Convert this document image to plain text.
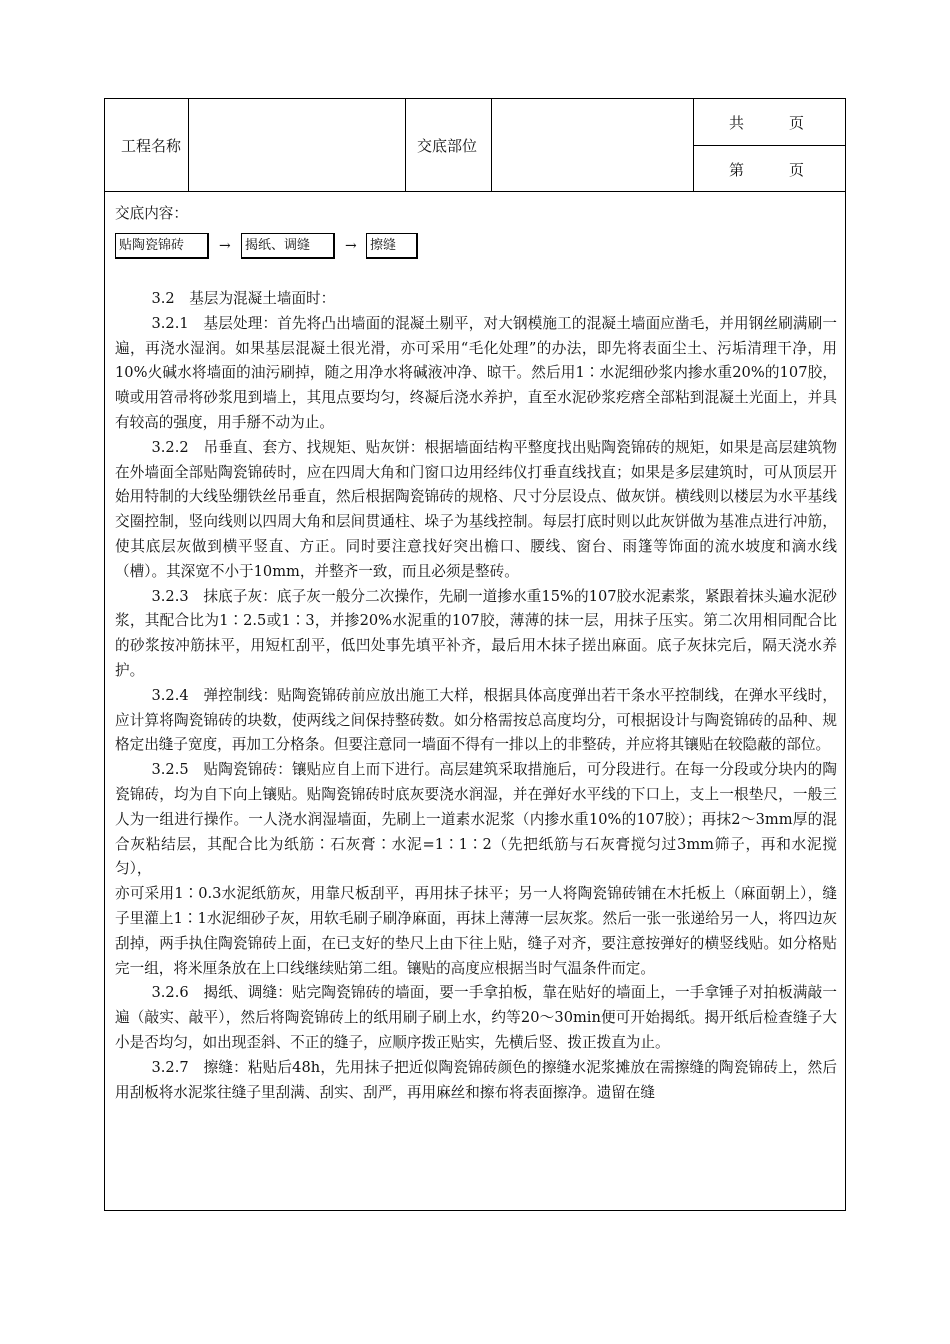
工程名称	交底部位
共　　　页
第　　　页
交底内容：
贴陶瓷锦砖	→	揭纸、调缝	→	擦缝

3.2　基层为混凝土墙面时：

3.2.1　基层处理：首先将凸出墙面的混凝土剔平，对大钢模施工的混凝土墙面应凿毛，并用钢丝刷满刷一遍，再浇水湿润。如果基层混凝土很光滑，亦可采用“毛化处理”的办法，即先将表面尘土、污垢清理干净，用10%火碱水将墙面的油污刷掉，随之用净水将碱液冲净、晾干。然后用1∶水泥细砂浆内掺水重20%的107胶，喷或用笤帚将砂浆甩到墙上，其甩点要均匀，终凝后浇水养护，直至水泥砂浆疙瘩全部粘到混凝土光面上，并具有较高的强度，用手掰不动为止。

3.2.2　吊垂直、套方、找规矩、贴灰饼：根据墙面结构平整度找出贴陶瓷锦砖的规矩，如果是高层建筑物在外墙面全部贴陶瓷锦砖时，应在四周大角和门窗口边用经纬仪打垂直线找直；如果是多层建筑时，可从顶层开始用特制的大线坠绷铁丝吊垂直，然后根据陶瓷锦砖的规格、尺寸分层设点、做灰饼。横线则以楼层为水平基线交圈控制，竖向线则以四周大角和层间贯通柱、垛子为基线控制。每层打底时则以此灰饼做为基准点进行冲筋，使其底层灰做到横平竖直、方正。同时要注意找好突出檐口、腰线、窗台、雨篷等饰面的流水坡度和滴水线（槽）。其深宽不小于10mm，并整齐一致，而且必须是整砖。

3.2.3　抹底子灰：底子灰一般分二次操作，先刷一道掺水重15%的107胶水泥素浆，紧跟着抹头遍水泥砂浆，其配合比为1∶2.5或1∶3，并掺20%水泥重的107胶，薄薄的抹一层，用抹子压实。第二次用相同配合比的砂浆按冲筋抹平，用短杠刮平，低凹处事先填平补齐，最后用木抹子搓出麻面。底子灰抹完后，隔天浇水养护。

3.2.4　弹控制线：贴陶瓷锦砖前应放出施工大样，根据具体高度弹出若干条水平控制线，在弹水平线时，应计算将陶瓷锦砖的块数，使两线之间保持整砖数。如分格需按总高度均分，可根据设计与陶瓷锦砖的品种、规格定出缝子宽度，再加工分格条。但要注意同一墙面不得有一排以上的非整砖，并应将其镶贴在较隐蔽的部位。

3.2.5　贴陶瓷锦砖：镶贴应自上而下进行。高层建筑采取措施后，可分段进行。在每一分段或分块内的陶瓷锦砖，均为自下向上镶贴。贴陶瓷锦砖时底灰要浇水润湿，并在弹好水平线的下口上，支上一根垫尺，一般三人为一组进行操作。一人浇水润湿墙面，先刷上一道素水泥浆（内掺水重10%的107胶）；再抹2～3mm厚的混合灰粘结层，其配合比为纸筋∶石灰膏∶水泥=1∶1∶2（先把纸筋与石灰膏搅匀过3mm筛子，再和水泥搅匀），

亦可采用1∶0.3水泥纸筋灰，用靠尺板刮平，再用抹子抹平；另一人将陶瓷锦砖铺在木托板上（麻面朝上），缝子里灌上1∶1水泥细砂子灰，用软毛刷子刷净麻面，再抹上薄薄一层灰浆。然后一张一张递给另一人，将四边灰刮掉，两手执住陶瓷锦砖上面，在已支好的垫尺上由下往上贴，缝子对齐，要注意按弹好的横竖线贴。如分格贴完一组，将米厘条放在上口线继续贴第二组。镶贴的高度应根据当时气温条件而定。

3.2.6　揭纸、调缝：贴完陶瓷锦砖的墙面，要一手拿拍板，靠在贴好的墙面上，一手拿锤子对拍板满敲一遍（敲实、敲平），然后将陶瓷锦砖上的纸用刷子刷上水，约等20～30min便可开始揭纸。揭开纸后检查缝子大小是否均匀，如出现歪斜、不正的缝子，应顺序拨正贴实，先横后竖、拨正拨直为止。

3.2.7　擦缝：粘贴后48h，先用抹子把近似陶瓷锦砖颜色的擦缝水泥浆摊放在需擦缝的陶瓷锦砖上，然后用刮板将水泥浆往缝子里刮满、刮实、刮严，再用麻丝和擦布将表面擦净。遗留在缝
